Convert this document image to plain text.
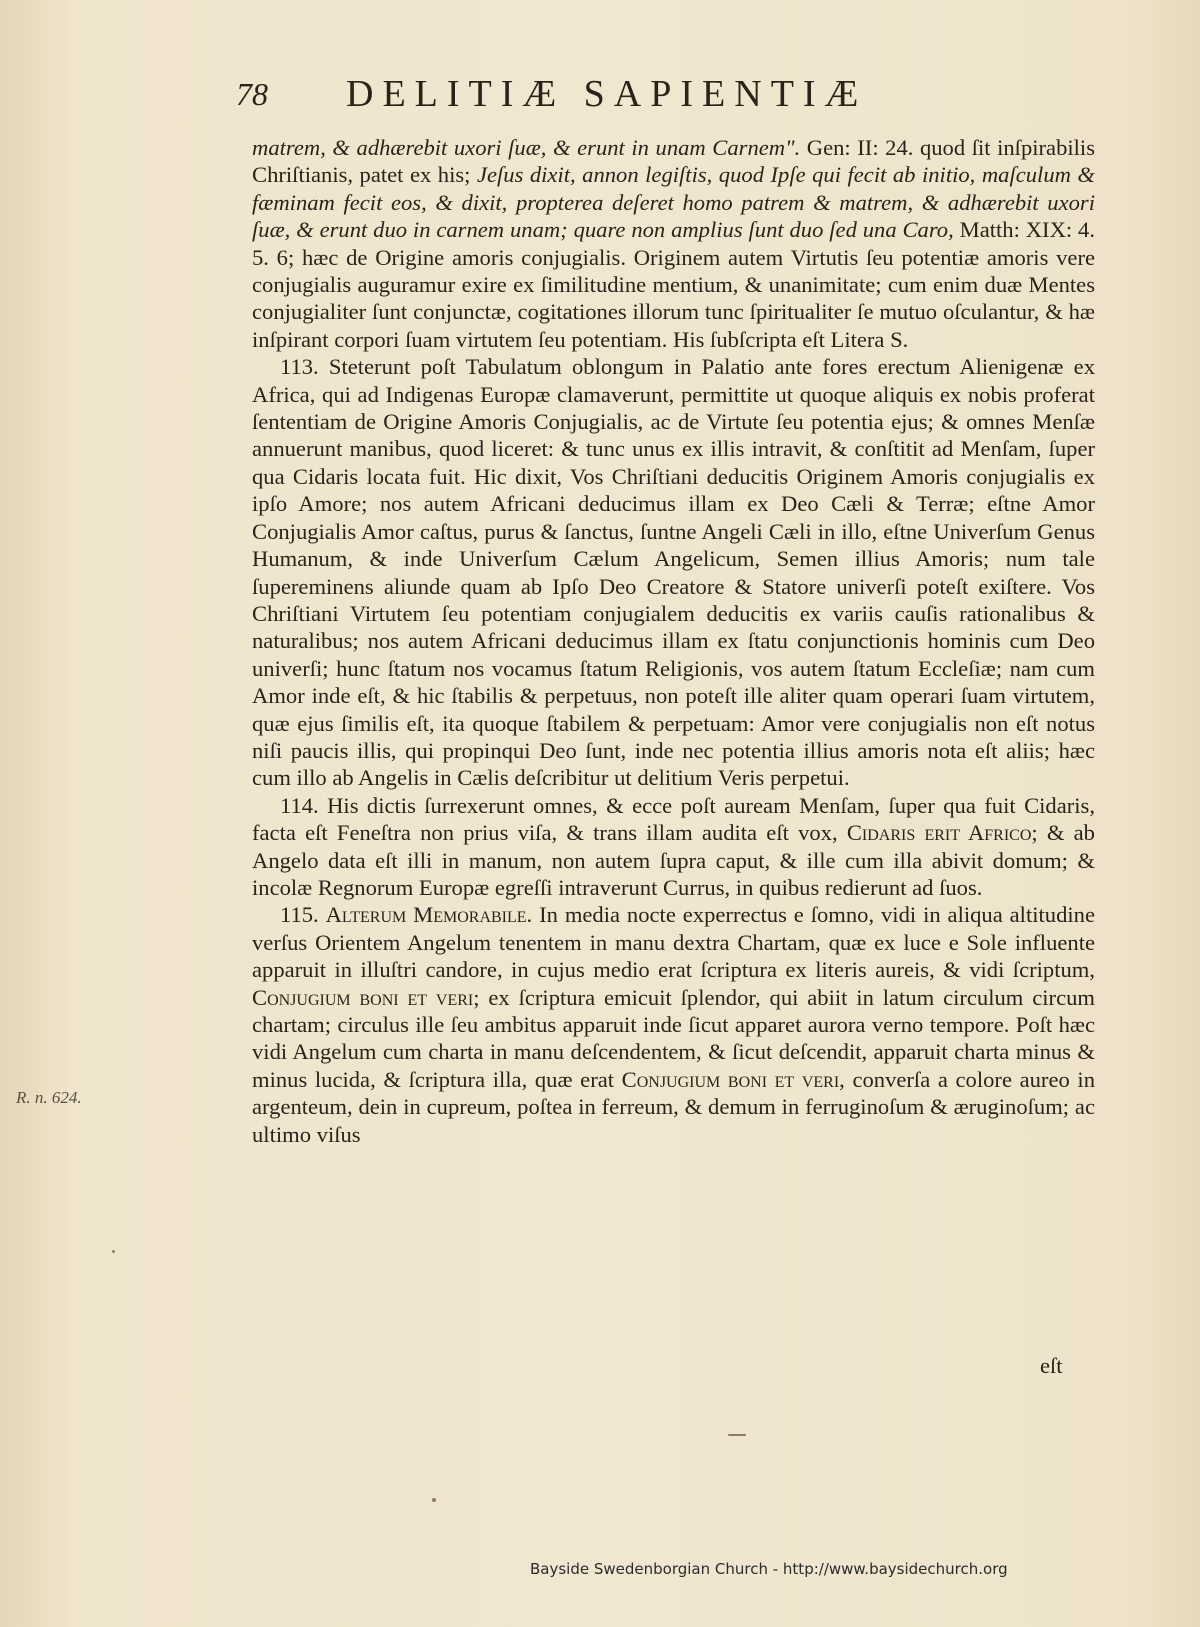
78 DELITIÆ SAPIENTIÆ

matrem, & adhærebit uxori ſuæ, & erunt in unam Carnem". Gen: II: 24. quod ſit inſpirabilis Chriſtianis, patet ex his; Jeſus dixit, annon legiſtis, quod Ipſe qui fecit ab initio, maſculum & fæminam fecit eos, & dixit, propterea deſeret homo patrem & matrem, & adhærebit uxori ſuæ, & erunt duo in carnem unam; quare non amplius ſunt duo ſed una Caro, Matth: XIX: 4. 5. 6; hæc de Origine amoris conjugialis. Originem autem Virtutis ſeu potentiæ amoris vere conjugialis auguramur exire ex ſimilitudine mentium, & unanimitate; cum enim duæ Mentes conjugialiter ſunt conjunctæ, cogitationes illorum tunc ſpiritualiter ſe mutuo oſculantur, & hæ inſpirant corpori ſuam virtutem ſeu potentiam. His ſubſcripta eſt Litera S.

113. Steterunt poſt Tabulatum oblongum in Palatio ante fores erectum Alienigenæ ex Africa, qui ad Indigenas Europæ clamaverunt, permittite ut quoque aliquis ex nobis proferat ſententiam de Origine Amoris Conjugialis, ac de Virtute ſeu potentia ejus; & omnes Menſæ annuerunt manibus, quod liceret: & tunc unus ex illis intravit, & conſtitit ad Menſam, ſuper qua Cidaris locata fuit. Hic dixit, Vos Chriſtiani deducitis Originem Amoris conjugialis ex ipſo Amore; nos autem Africani deducimus illam ex Deo Cæli & Terræ; eſtne Amor Conjugialis Amor caſtus, purus & ſanctus, ſuntne Angeli Cæli in illo, eſtne Univerſum Genus Humanum, & inde Univerſum Cælum Angelicum, Semen illius Amoris; num tale ſupereminens aliunde quam ab Ipſo Deo Creatore & Statore univerſi poteſt exiſtere. Vos Chriſtiani Virtutem ſeu potentiam conjugialem deducitis ex variis cauſis rationalibus & naturalibus; nos autem Africani deducimus illam ex ſtatu conjunctionis hominis cum Deo univerſi; hunc ſtatum nos vocamus ſtatum Religionis, vos autem ſtatum Eccleſiæ; nam cum Amor inde eſt, & hic ſtabilis & perpetuus, non poteſt ille aliter quam operari ſuam virtutem, quæ ejus ſimilis eſt, ita quoque ſtabilem & perpetuam: Amor vere conjugialis non eſt notus niſi paucis illis, qui propinqui Deo ſunt, inde nec potentia illius amoris nota eſt aliis; hæc cum illo ab Angelis in Cælis deſcribitur ut delitium Veris perpetui.

114. His dictis ſurrexerunt omnes, & ecce poſt auream Menſam, ſuper qua fuit Cidaris, facta eſt Feneſtra non prius viſa, & trans illam audita eſt vox, Cidaris erit Africo; & ab Angelo data eſt illi in manum, non autem ſupra caput, & ille cum illa abivit domum; & incolæ Regnorum Europæ egreſſi intraverunt Currus, in quibus redierunt ad ſuos.

115. Alterum Memorabile. In media nocte experrectus e ſomno, vidi in aliqua altitudine verſus Orientem Angelum tenentem in manu dextra Chartam, quæ ex luce e Sole influente apparuit in illuſtri candore, in cujus medio erat ſcriptura ex literis aureis, & vidi ſcriptum, Conjugium boni et veri; ex ſcriptura emicuit ſplendor, qui abiit in latum circulum circum chartam; circulus ille ſeu ambitus apparuit inde ſicut apparet aurora verno tempore. Poſt hæc vidi Angelum cum charta in manu deſcendentem, & ſicut deſcendit, apparuit charta minus & minus lucida, & ſcriptura illa, quæ erat Conjugium boni et veri, converſa a colore aureo in argenteum, dein in cupreum, poſtea in ferreum, & demum in ferruginoſum & æruginoſum; ac ultimo viſus

eſt
R. n. 624.
Bayside Swedenborgian Church - http://www.baysidechurch.org
